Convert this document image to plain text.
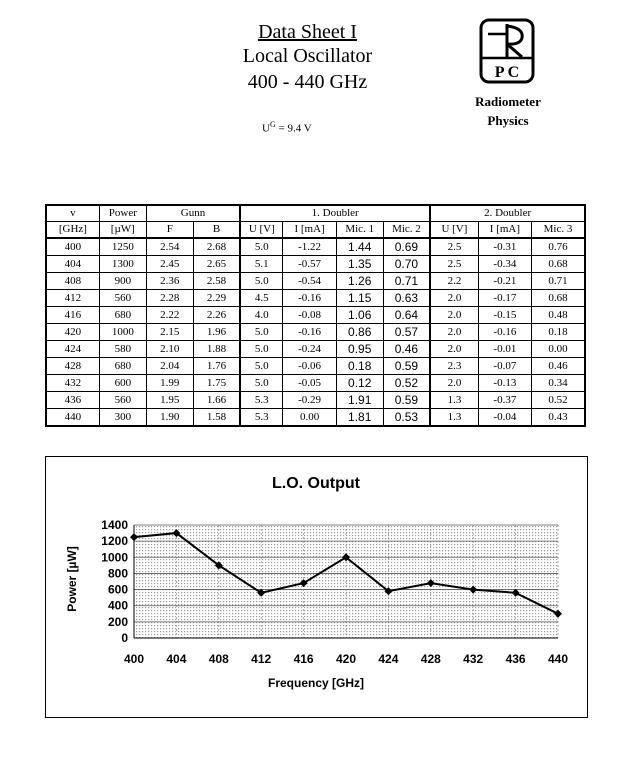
Data Sheet I
Local Oscillator
400 - 440 GHz
$U^G = 9.4$ V
P C
Radiometer
Physics
v	Power	Gunn		1. Doubler				2. Doubler		
[GHz]	[µW]	F	B	U [V]	I [mA]	Mic. 1	Mic. 2	U [V]	I [mA]	Mic. 3
400	1250	2.54	2.68	5.0	-1.22	1.44	0.69	2.5	-0.31	0.76
404	1300	2.45	2.65	5.1	-0.57	1.35	0.70	2.5	-0.34	0.68
408	900	2.36	2.58	5.0	-0.54	1.26	0.71	2.2	-0.21	0.71
412	560	2.28	2.29	4.5	-0.16	1.15	0.63	2.0	-0.17	0.68
416	680	2.22	2.26	4.0	-0.08	1.06	0.64	2.0	-0.15	0.48
420	1000	2.15	1.96	5.0	-0.16	0.86	0.57	2.0	-0.16	0.18
424	580	2.10	1.88	5.0	-0.24	0.95	0.46	2.0	-0.01	0.00
428	680	2.04	1.76	5.0	-0.06	0.18	0.59	2.3	-0.07	0.46
432	600	1.99	1.75	5.0	-0.05	0.12	0.52	2.0	-0.13	0.34
436	560	1.95	1.66	5.3	-0.29	1.91	0.59	1.3	-0.37	0.52
440	300	1.90	1.58	5.3	0.00	1.81	0.53	1.3	-0.04	0.43
L.O. Output
0
200
400
600
800
1000
1200
1400
400 404 408 412 416 420 424 428 432 436 440
Frequency [GHz]
Power [µW]
